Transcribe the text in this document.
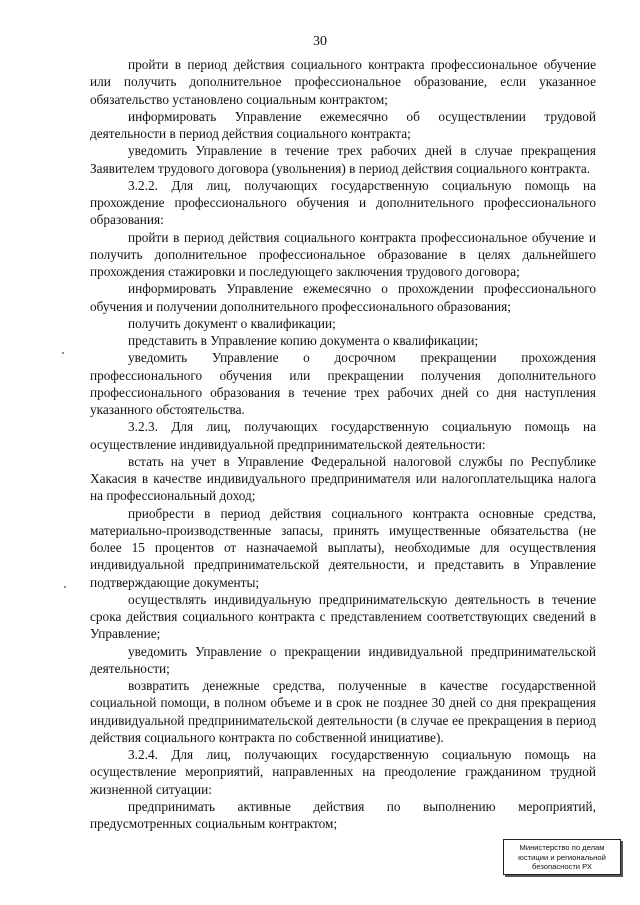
30

пройти в период действия социального контракта профессиональное обучение или получить дополнительное профессиональное образование, если указанное обязательство установлено социальным контрактом;

информировать Управление ежемесячно об осуществлении трудовой деятельности в период действия социального контракта;

уведомить Управление в течение трех рабочих дней в случае прекращения Заявителем трудового договора (увольнения) в период действия социального контракта.

3.2.2. Для лиц, получающих государственную социальную помощь на прохождение профессионального обучения и дополнительного профессионального образования:

пройти в период действия социального контракта профессиональное обучение и получить дополнительное профессиональное образование в целях дальнейшего прохождения стажировки и последующего заключения трудового договора;

информировать Управление ежемесячно о прохождении профессионального обучения и получении дополнительного профессионального образования;

получить документ о квалификации;

представить в Управление копию документа о квалификации;

уведомить Управление о досрочном прекращении прохождения профессионального обучения или прекращении получения дополнительного профессионального образования в течение трех рабочих дней со дня наступления указанного обстоятельства.

3.2.3. Для лиц, получающих государственную социальную помощь на осуществление индивидуальной предпринимательской деятельности:

встать на учет в Управление Федеральной налоговой службы по Республике Хакасия в качестве индивидуального предпринимателя или налогоплательщика налога на профессиональный доход;

приобрести в период действия социального контракта основные средства, материально-производственные запасы, принять имущественные обязательства (не более 15 процентов от назначаемой выплаты), необходимые для осуществления индивидуальной предпринимательской деятельности, и представить в Управление подтверждающие документы;

осуществлять индивидуальную предпринимательскую деятельность в течение срока действия социального контракта с представлением соответствующих сведений в Управление;

уведомить Управление о прекращении индивидуальной предпринимательской деятельности;

возвратить денежные средства, полученные в качестве государственной социальной помощи, в полном объеме и в срок не позднее 30 дней со дня прекращения индивидуальной предпринимательской деятельности (в случае ее прекращения в период действия социального контракта по собственной инициативе).

3.2.4. Для лиц, получающих государственную социальную помощь на осуществление мероприятий, направленных на преодоление гражданином трудной жизненной ситуации:

предпринимать активные действия по выполнению мероприятий, предусмотренных социальным контрактом;

Министерство по делам
юстиции и региональной
безопасности РХ
